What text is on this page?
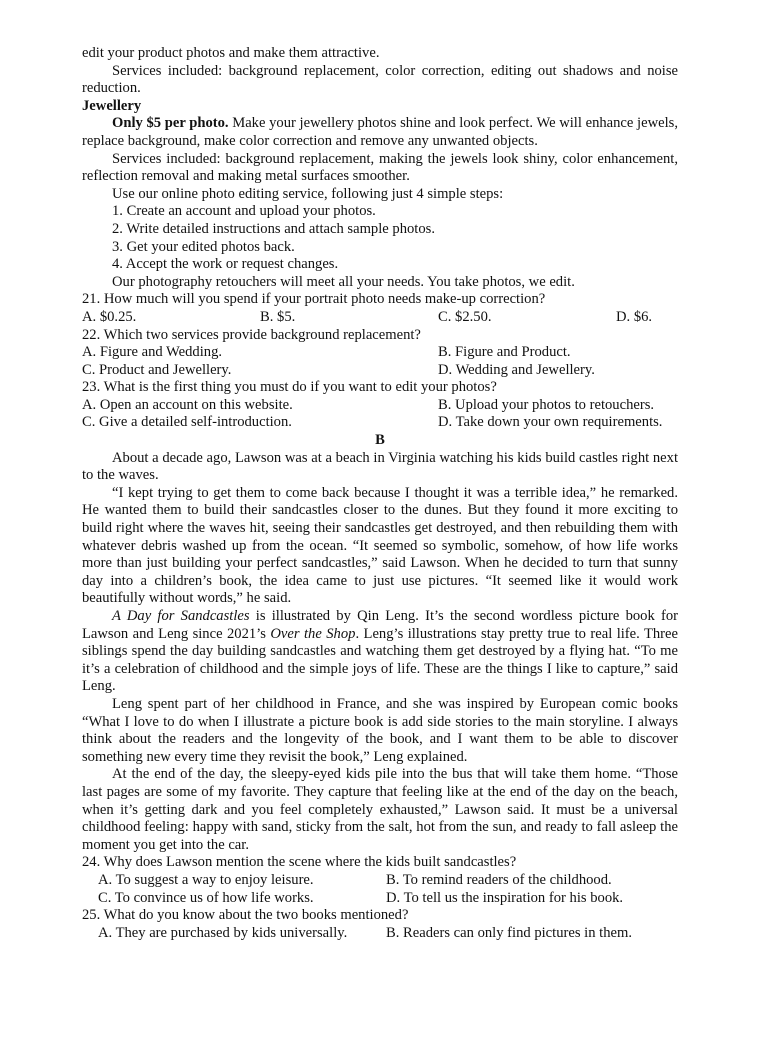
edit your product photos and make them attractive.

Services included: background replacement, color correction, editing out shadows and noise reduction.

Jewellery

Only $5 per photo. Make your jewellery photos shine and look perfect. We will enhance jewels, replace background, make color correction and remove any unwanted objects.

Services included: background replacement, making the jewels look shiny, color enhancement, reflection removal and making metal surfaces smoother.

Use our online photo editing service, following just 4 simple steps:

1. Create an account and upload your photos.

2. Write detailed instructions and attach sample photos.

3. Get your edited photos back.

4. Accept the work or request changes.

Our photography retouchers will meet all your needs. You take photos, we edit.

21. How much will you spend if your portrait photo needs make-up correction?

A. $0.25.	B. $5.	C. $2.50.	D. $6.

22. Which two services provide background replacement?

A. Figure and Wedding.	B. Figure and Product.
C. Product and Jewellery.	D. Wedding and Jewellery.

23. What is the first thing you must do if you want to edit your photos?

A. Open an account on this website.	B. Upload your photos to retouchers.
C. Give a detailed self-introduction.	D. Take down your own requirements.

B

About a decade ago, Lawson was at a beach in Virginia watching his kids build castles right next to the waves.

“I kept trying to get them to come back because I thought it was a terrible idea,” he remarked. He wanted them to build their sandcastles closer to the dunes. But they found it more exciting to build right where the waves hit, seeing their sandcastles get destroyed, and then rebuilding them with whatever debris washed up from the ocean. “It seemed so symbolic, somehow, of how life works more than just building your perfect sandcastles,” said Lawson. When he decided to turn that sunny day into a children’s book, the idea came to just use pictures. “It seemed like it would work beautifully without words,” he said.

A Day for Sandcastles is illustrated by Qin Leng. It’s the second wordless picture book for Lawson and Leng since 2021’s Over the Shop. Leng’s illustrations stay pretty true to real life. Three siblings spend the day building sandcastles and watching them get destroyed by a flying hat. “To me it’s a celebration of childhood and the simple joys of life. These are the things I like to capture,” said Leng.

Leng spent part of her childhood in France, and she was inspired by European comic books “What I love to do when I illustrate a picture book is add side stories to the main storyline. I always think about the readers and the longevity of the book, and I want them to be able to discover something new every time they revisit the book,” Leng explained.

At the end of the day, the sleepy-eyed kids pile into the bus that will take them home. “Those last pages are some of my favorite. They capture that feeling like at the end of the day on the beach, when it’s getting dark and you feel completely exhausted,” Lawson said. It must be a universal childhood feeling: happy with sand, sticky from the salt, hot from the sun, and ready to fall asleep the moment you get into the car.

24. Why does Lawson mention the scene where the kids built sandcastles?

A. To suggest a way to enjoy leisure.	B. To remind readers of the childhood.
C. To convince us of how life works.	D. To tell us the inspiration for his book.

25. What do you know about the two books mentioned?

A. They are purchased by kids universally.	B. Readers can only find pictures in them.
